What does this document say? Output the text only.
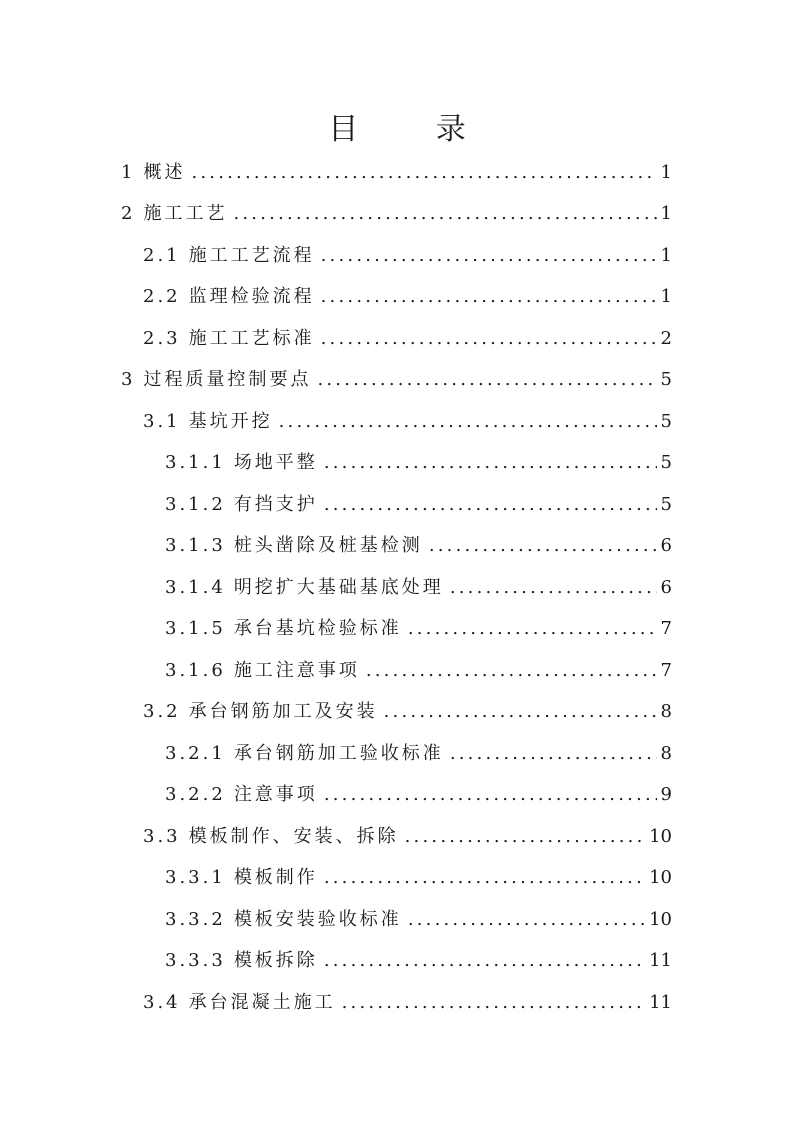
目 录
1 概述 .....	1
2 施工工艺 .....	1
2.1 施工工艺流程 .....	1
2.2 监理检验流程 .....	1
2.3 施工工艺标准 .....	2
3 过程质量控制要点 .....	5
3.1 基坑开挖 .....	5
3.1.1 场地平整 .....	5
3.1.2 有挡支护 .....	5
3.1.3 桩头凿除及桩基检测 .....	6
3.1.4 明挖扩大基础基底处理 .....	6
3.1.5 承台基坑检验标准 .....	7
3.1.6 施工注意事项 .....	7
3.2 承台钢筋加工及安装 .....	8
3.2.1 承台钢筋加工验收标准 .....	8
3.2.2 注意事项 .....	9
3.3 模板制作、安装、拆除 .....	10
3.3.1 模板制作 .....	10
3.3.2 模板安装验收标准 .....	10
3.3.3 模板拆除 .....	11
3.4 承台混凝土施工 .....	11
